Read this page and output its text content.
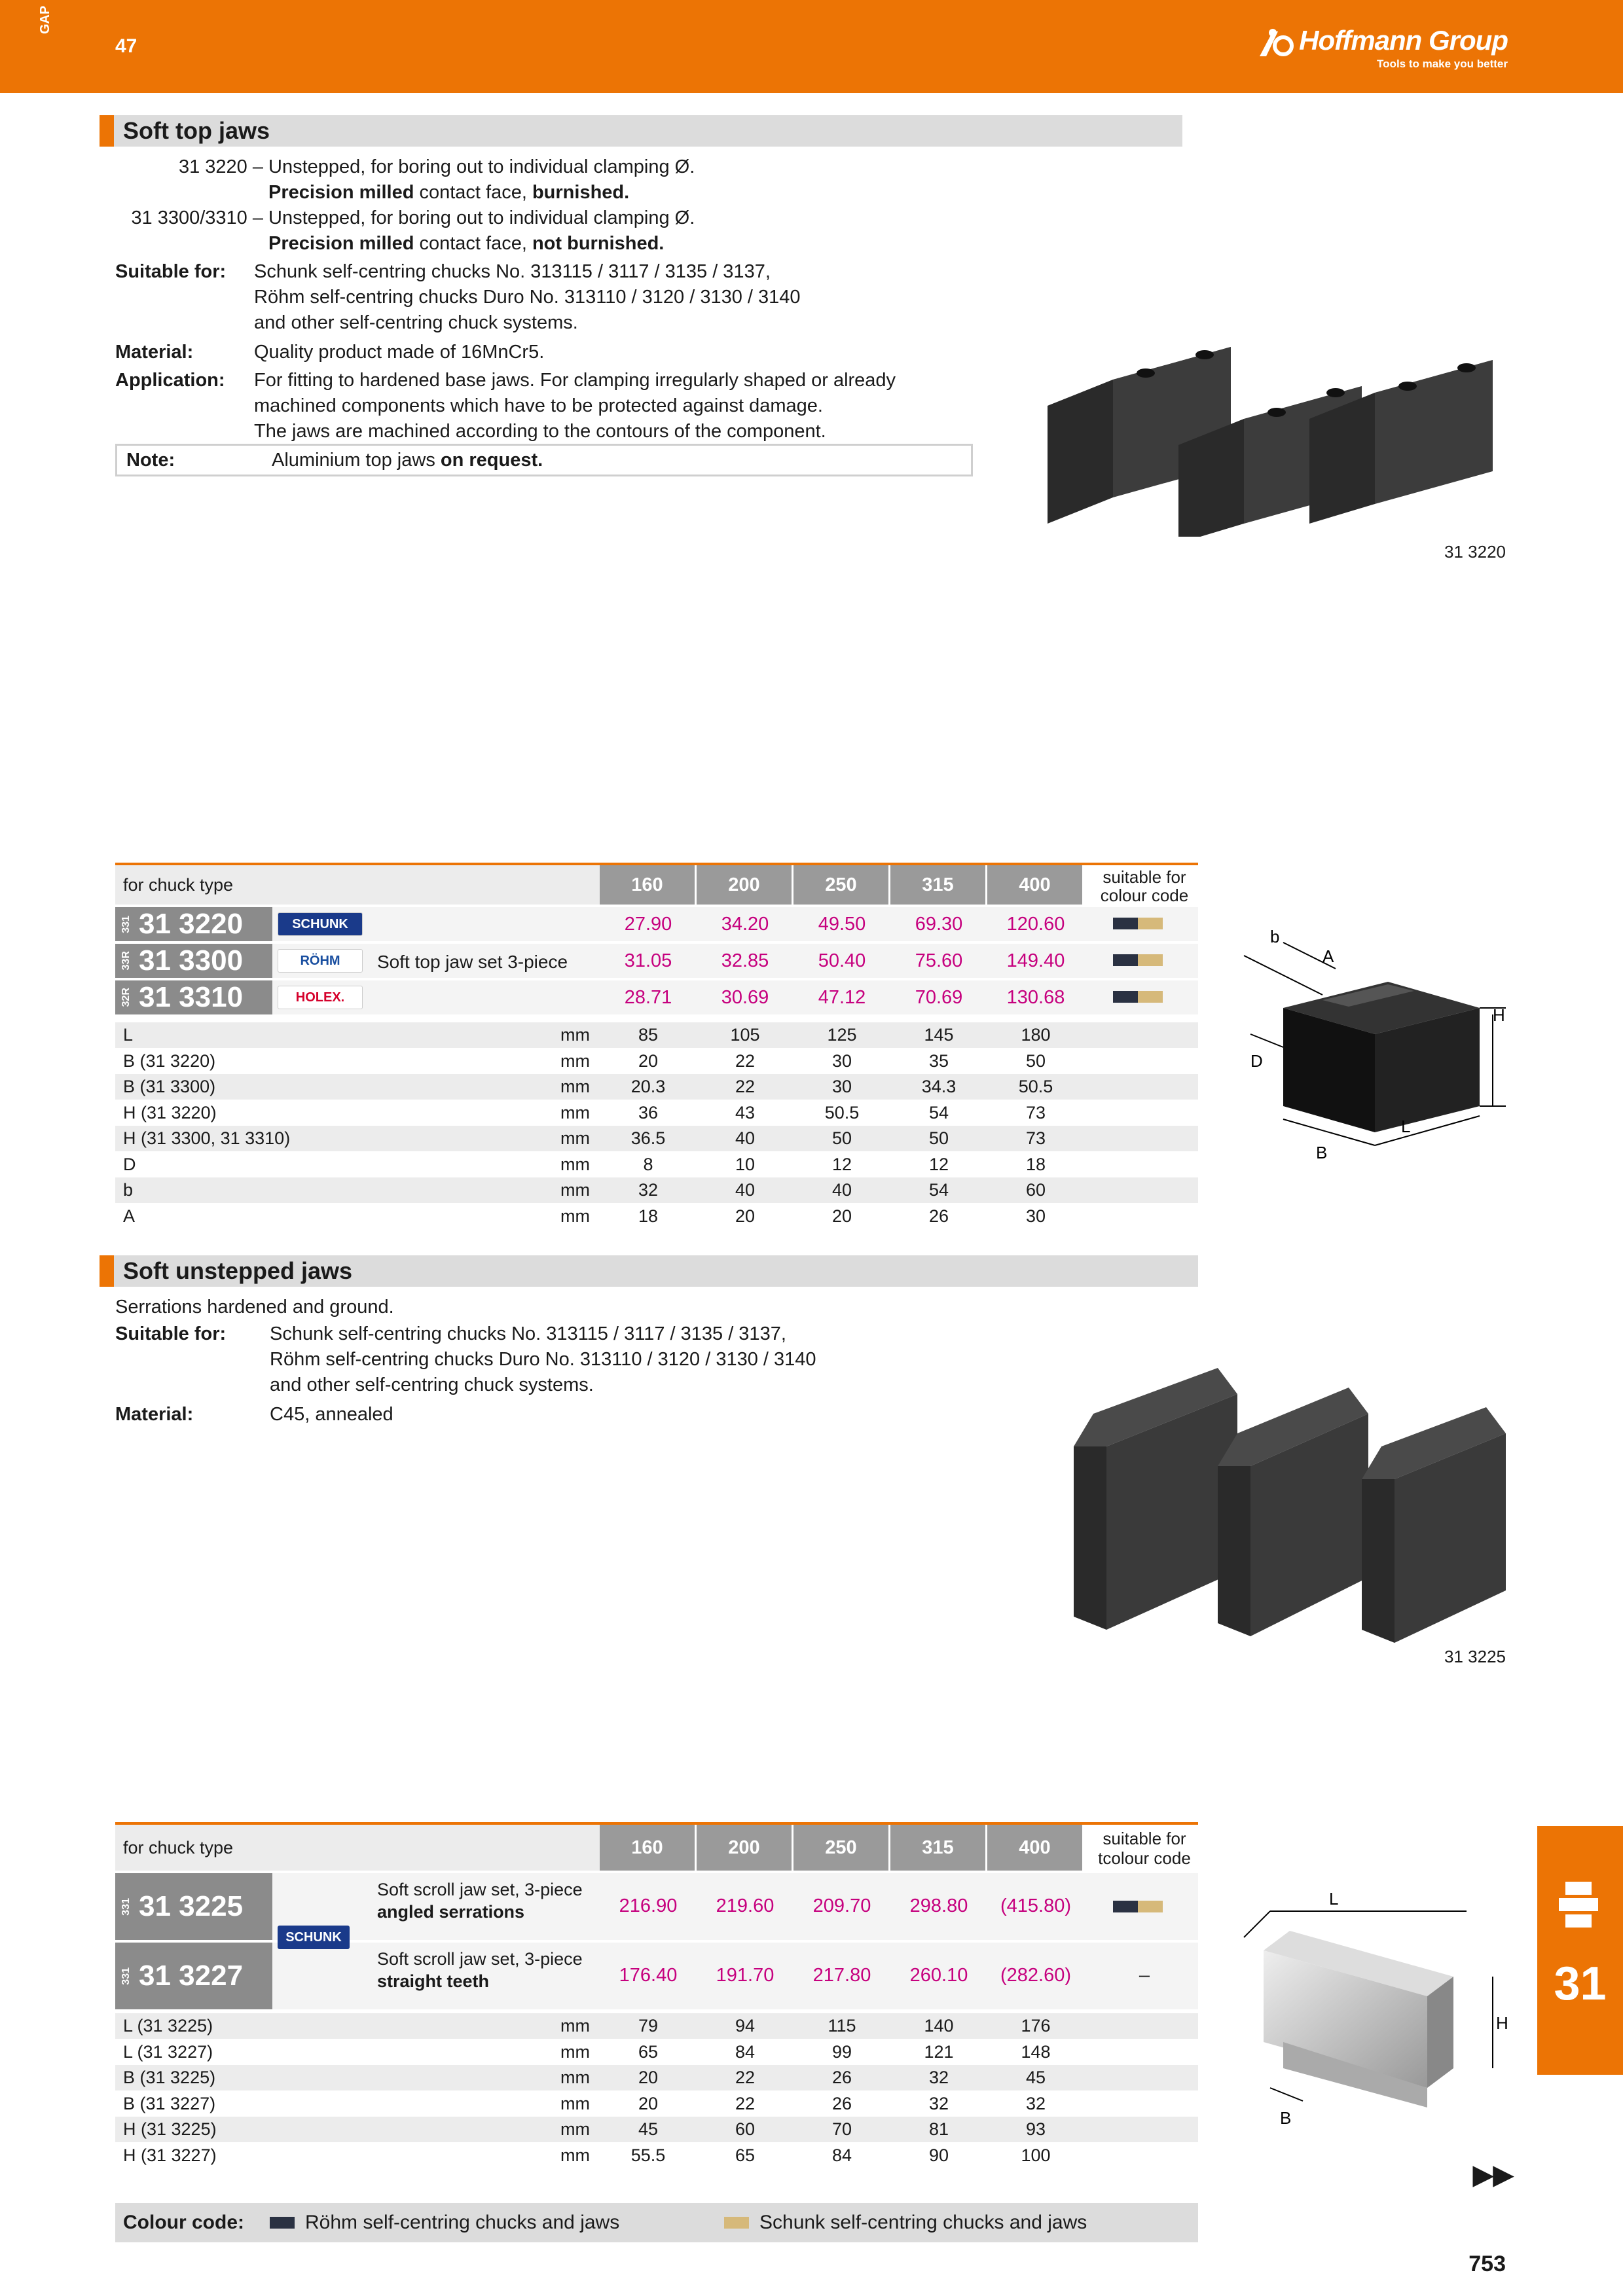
GAP
47	Hoffmann Group
Tools to make you better
Soft top jaws
31 3220 – Unstepped, for boring out to individual clamping Ø.
Precision milled contact face, burnished.
31 3300/3310 – Unstepped, for boring out to individual clamping Ø.
Precision milled contact face, not burnished.
Suitable for:	Schunk self-centring chucks No. 313115 / 3117 / 3135 / 3137,
Röhm self-centring chucks Duro No. 313110 / 3120 / 3130 / 3140
and other self-centring chuck systems.
Material:	Quality product made of 16MnCr5.
Application:	For fitting to hardened base jaws. For clamping irregularly shaped or already
machined components which have to be protected against damage.
The jaws are machined according to the contours of the component.
Note:	Aluminium top jaws on request.
31 3220
for chuck type	160	200	250	315	400	suitable for
colour code
331 31 3220	SCHUNK	27.90	34.20	49.50	69.30	120.60
33R 31 3300	RÖHM	31.05	32.85	50.40	75.60	149.40
32R 31 3310	HOLEX.	28.71	30.69	47.12	70.69	130.68
Soft top jaw set 3-piece
L	mm	85	105	125	145	180
B (31 3220)	mm	20	22	30	35	50
B (31 3300)	mm	20.3	22	30	34.3	50.5
H (31 3220)	mm	36	43	50.5	54	73
H (31 3300, 31 3310)	mm	36.5	40	50	50	73
D	mm	8	10	12	12	18
b	mm	32	40	40	54	60
A	mm	18	20	20	26	30
b
A
H
D
B
L
Soft unstepped jaws
Serrations hardened and ground.
Suitable for:	Schunk self-centring chucks No. 313115 / 3117 / 3135 / 3137,
Röhm self-centring chucks Duro No. 313110 / 3120 / 3130 / 3140
and other self-centring chuck systems.
Material:	C45, annealed
31 3225
for chuck type	160	200	250	315	400	suitable for
tcolour code
331 31 3225
Soft scroll jaw set, 3-piece
angled serrations	216.90	219.60	209.70	298.80	(415.80)
331 31 3227
Soft scroll jaw set, 3-piece
straight teeth	176.40	191.70	217.80	260.10	(282.60)	–
SCHUNK
L (31 3225)	mm	79	94	115	140	176
L (31 3227)	mm	65	84	99	121	148
B (31 3225)	mm	20	22	26	32	45
B (31 3227)	mm	20	22	26	32	32
H (31 3225)	mm	45	60	70	81	93
H (31 3227)	mm	55.5	65	84	90	100
L
H
B
31
▶▶
Colour code:	Röhm self-centring chucks and jaws	Schunk self-centring chucks and jaws
753
